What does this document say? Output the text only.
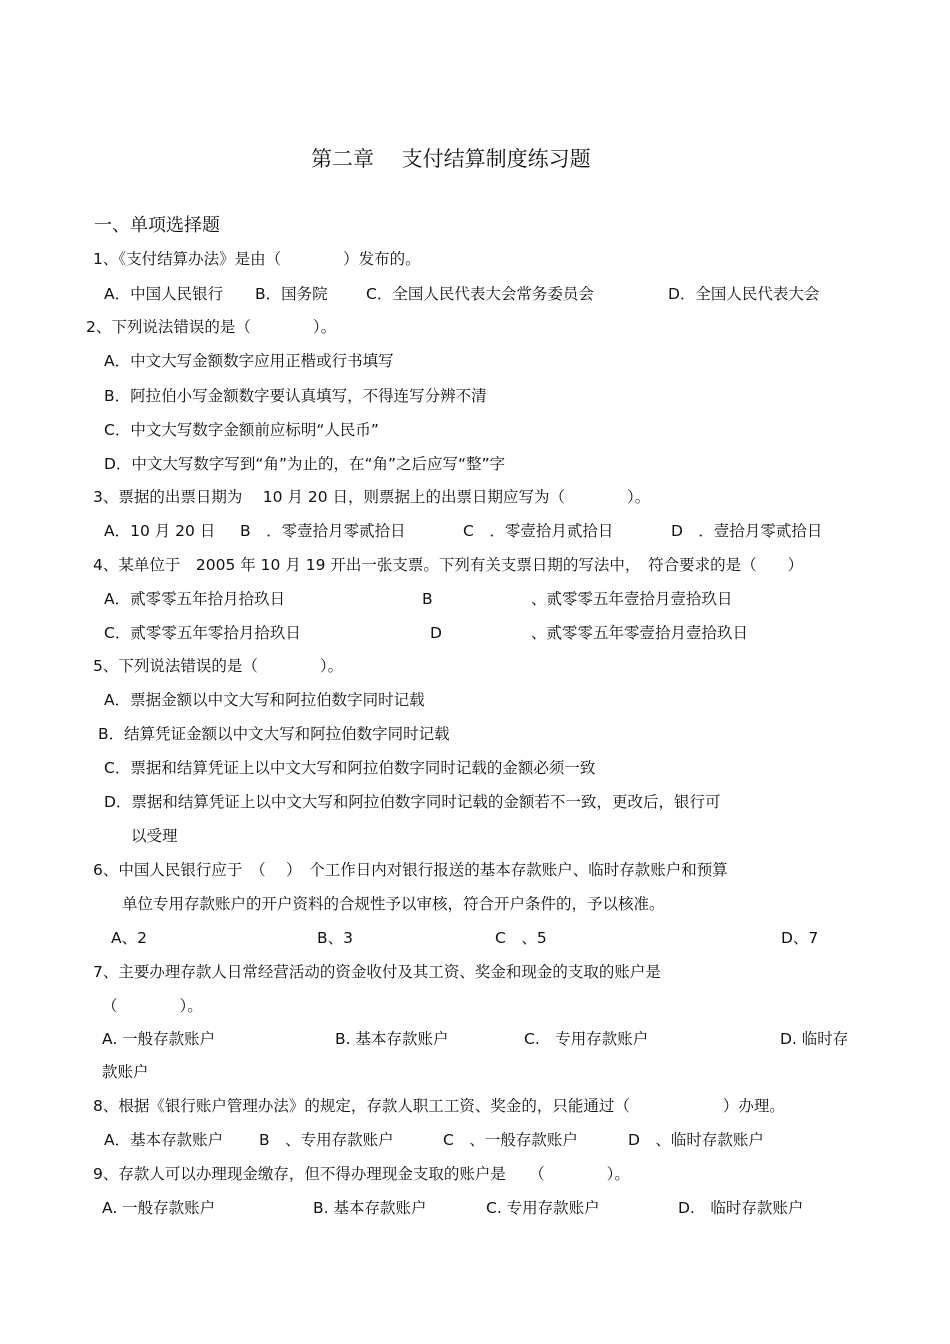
第二章　 支付结算制度练习题
一、单项选择题
1、《支付结算办法》是由（　　　　）发布的。
A．中国人民银行 B．国务院 C．全国人民代表大会常务委员会	D．全国人民代表大会
2、下列说法错误的是（　　　　）。
A．中文大写金额数字应用正楷或行书填写
B．阿拉伯小写金额数字要认真填写，不得连写分辨不清
C．中文大写数字金额前应标明“人民币”
D．中文大写数字写到“角”为止的，在“角”之后应写“整”字
3、票据的出票日期为　 10 月 20 日，则票据上的出票日期应写为（　　　　）。
A．10 月 20 日 B　．零壹拾月零贰拾日	C　．零壹拾月贰拾日	D　．壹拾月零贰拾日
4、某单位于　2005 年 10 月 19 开出一张支票。下列有关支票日期的写法中，　符合要求的是（　　）
A．贰零零五年拾月拾玖日	B	、贰零零五年壹拾月壹拾玖日
C．贰零零五年零拾月拾玖日	D	、贰零零五年零壹拾月壹拾玖日
5、下列说法错误的是（　　　　）。
A．票据金额以中文大写和阿拉伯数字同时记载
B．结算凭证金额以中文大写和阿拉伯数字同时记载
C．票据和结算凭证上以中文大写和阿拉伯数字同时记载的金额必须一致
D．票据和结算凭证上以中文大写和阿拉伯数字同时记载的金额若不一致，更改后，银行可
以受理
6、中国人民银行应于　（　 ）　个工作日内对银行报送的基本存款账户、临时存款账户和预算
单位专用存款账户的开户资料的合规性予以审核，符合开户条件的，予以核准。
A、2	B、3	C　、5	D、7
7、主要办理存款人日常经营活动的资金收付及其工资、奖金和现金的支取的账户是
（　　　　）。
A. 一般存款账户	B. 基本存款账户	C.　专用存款账户	D. 临时存
款账户
8、根据《银行账户管理办法》的规定，存款人职工工资、奖金的，只能通过（　　　　　　）办理。
A．基本存款账户 B　、专用存款账户	C　、一般存款账户	D　、临时存款账户
9、存款人可以办理现金缴存，但不得办理现金支取的账户是　　（　　　　）。
A. 一般存款账户	B. 基本存款账户	C. 专用存款账户	D.　临时存款账户
